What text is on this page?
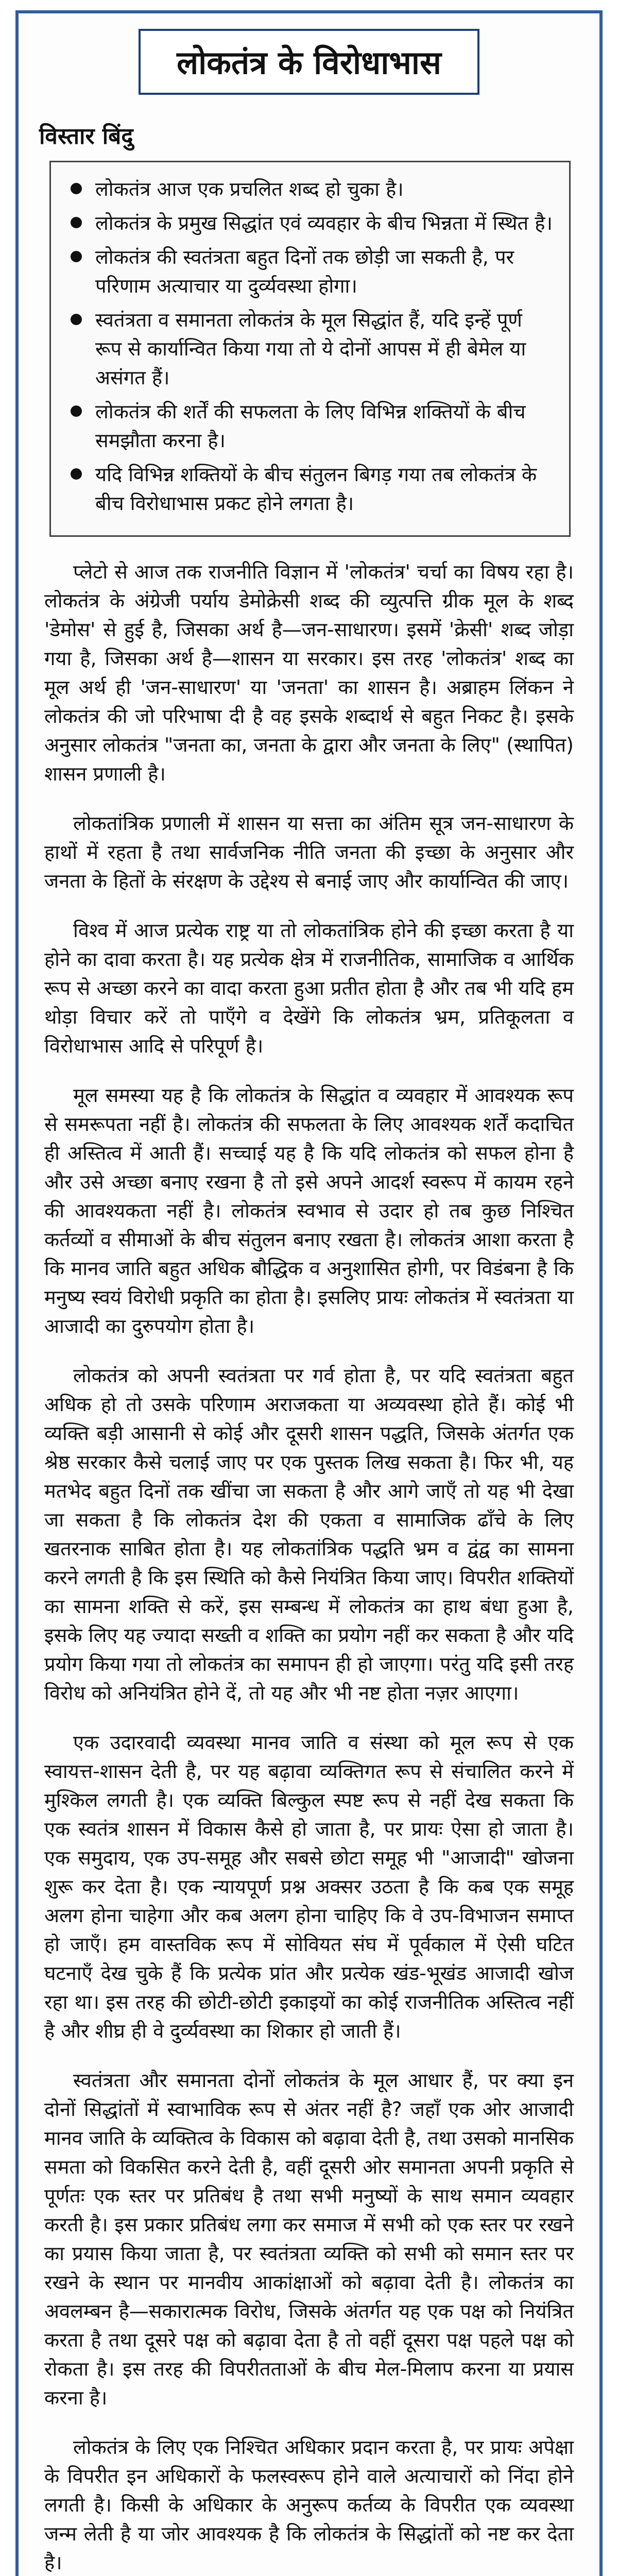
लोकतंत्र के विरोधाभास
विस्तार बिंदु
लोकतंत्र आज एक प्रचलित शब्द हो चुका है।
लोकतंत्र के प्रमुख सिद्धांत एवं व्यवहार के बीच भिन्नता में स्थित है।
लोकतंत्र की स्वतंत्रता बहुत दिनों तक छोड़ी जा सकती है, पर परिणाम अत्याचार या दुर्व्यवस्था होगा।
स्वतंत्रता व समानता लोकतंत्र के मूल सिद्धांत हैं, यदि इन्हें पूर्ण रूप से कार्यान्वित किया गया तो ये दोनों आपस में ही बेमेल या असंगत हैं।
लोकतंत्र की शर्तें की सफलता के लिए विभिन्न शक्तियों के बीच समझौता करना है।
यदि विभिन्न शक्तियों के बीच संतुलन बिगड़ गया तब लोकतंत्र के बीच विरोधाभास प्रकट होने लगता है।

प्लेटो से आज तक राजनीति विज्ञान में 'लोकतंत्र' चर्चा का विषय रहा है। लोकतंत्र के अंग्रेजी पर्याय डेमोक्रेसी शब्द की व्युत्पत्ति ग्रीक मूल के शब्द 'डेमोस' से हुई है, जिसका अर्थ है—जन-साधारण। इसमें 'क्रेसी' शब्द जोड़ा गया है, जिसका अर्थ है—शासन या सरकार। इस तरह 'लोकतंत्र' शब्द का मूल अर्थ ही 'जन-साधारण' या 'जनता' का शासन है। अब्राहम लिंकन ने लोकतंत्र की जो परिभाषा दी है वह इसके शब्दार्थ से बहुत निकट है। इसके अनुसार लोकतंत्र "जनता का, जनता के द्वारा और जनता के लिए" (स्थापित) शासन प्रणाली है।

लोकतांत्रिक प्रणाली में शासन या सत्ता का अंतिम सूत्र जन-साधारण के हाथों में रहता है तथा सार्वजनिक नीति जनता की इच्छा के अनुसार और जनता के हितों के संरक्षण के उद्देश्य से बनाई जाए और कार्यान्वित की जाए।

विश्व में आज प्रत्येक राष्ट्र या तो लोकतांत्रिक होने की इच्छा करता है या होने का दावा करता है। यह प्रत्येक क्षेत्र में राजनीतिक, सामाजिक व आर्थिक रूप से अच्छा करने का वादा करता हुआ प्रतीत होता है और तब भी यदि हम थोड़ा विचार करें तो पाएँगे व देखेंगे कि लोकतंत्र भ्रम, प्रतिकूलता व विरोधाभास आदि से परिपूर्ण है।

मूल समस्या यह है कि लोकतंत्र के सिद्धांत व व्यवहार में आवश्यक रूप से समरूपता नहीं है। लोकतंत्र की सफलता के लिए आवश्यक शर्तें कदाचित ही अस्तित्व में आती हैं। सच्चाई यह है कि यदि लोकतंत्र को सफल होना है और उसे अच्छा बनाए रखना है तो इसे अपने आदर्श स्वरूप में कायम रहने की आवश्यकता नहीं है। लोकतंत्र स्वभाव से उदार हो तब कुछ निश्चित कर्तव्यों व सीमाओं के बीच संतुलन बनाए रखता है। लोकतंत्र आशा करता है कि मानव जाति बहुत अधिक बौद्धिक व अनुशासित होगी, पर विडंबना है कि मनुष्य स्वयं विरोधी प्रकृति का होता है। इसलिए प्रायः लोकतंत्र में स्वतंत्रता या आजादी का दुरुपयोग होता है।

लोकतंत्र को अपनी स्वतंत्रता पर गर्व होता है, पर यदि स्वतंत्रता बहुत अधिक हो तो उसके परिणाम अराजकता या अव्यवस्था होते हैं। कोई भी व्यक्ति बड़ी आसानी से कोई और दूसरी शासन पद्धति, जिसके अंतर्गत एक श्रेष्ठ सरकार कैसे चलाई जाए पर एक पुस्तक लिख सकता है। फिर भी, यह मतभेद बहुत दिनों तक खींचा जा सकता है और आगे जाएँ तो यह भी देखा जा सकता है कि लोकतंत्र देश की एकता व सामाजिक ढाँचे के लिए खतरनाक साबित होता है। यह लोकतांत्रिक पद्धति भ्रम व द्वंद्व का सामना करने लगती है कि इस स्थिति को कैसे नियंत्रित किया जाए। विपरीत शक्तियों का सामना शक्ति से करें, इस सम्बन्ध में लोकतंत्र का हाथ बंधा हुआ है, इसके लिए यह ज्यादा सख्ती व शक्ति का प्रयोग नहीं कर सकता है और यदि प्रयोग किया गया तो लोकतंत्र का समापन ही हो जाएगा। परंतु यदि इसी तरह विरोध को अनियंत्रित होने दें, तो यह और भी नष्ट होता नज़र आएगा।

एक उदारवादी व्यवस्था मानव जाति व संस्था को मूल रूप से एक स्वायत्त-शासन देती है, पर यह बढ़ावा व्यक्तिगत रूप से संचालित करने में मुश्किल लगती है। एक व्यक्ति बिल्कुल स्पष्ट रूप से नहीं देख सकता कि एक स्वतंत्र शासन में विकास कैसे हो जाता है, पर प्रायः ऐसा हो जाता है। एक समुदाय, एक उप-समूह और सबसे छोटा समूह भी "आजादी" खोजना शुरू कर देता है। एक न्यायपूर्ण प्रश्न अक्सर उठता है कि कब एक समूह अलग होना चाहेगा और कब अलग होना चाहिए कि वे उप-विभाजन समाप्त हो जाएँ। हम वास्तविक रूप में सोवियत संघ में पूर्वकाल में ऐसी घटित घटनाएँ देख चुके हैं कि प्रत्येक प्रांत और प्रत्येक खंड-भूखंड आजादी खोज रहा था। इस तरह की छोटी-छोटी इकाइयों का कोई राजनीतिक अस्तित्व नहीं है और शीघ्र ही वे दुर्व्यवस्था का शिकार हो जाती हैं।

स्वतंत्रता और समानता दोनों लोकतंत्र के मूल आधार हैं, पर क्या इन दोनों सिद्धांतों में स्वाभाविक रूप से अंतर नहीं है? जहाँ एक ओर आजादी मानव जाति के व्यक्तित्व के विकास को बढ़ावा देती है, तथा उसको मानसिक समता को विकसित करने देती है, वहीं दूसरी ओर समानता अपनी प्रकृति से पूर्णतः एक स्तर पर प्रतिबंध है तथा सभी मनुष्यों के साथ समान व्यवहार करती है। इस प्रकार प्रतिबंध लगा कर समाज में सभी को एक स्तर पर रखने का प्रयास किया जाता है, पर स्वतंत्रता व्यक्ति को सभी को समान स्तर पर रखने के स्थान पर मानवीय आकांक्षाओं को बढ़ावा देती है। लोकतंत्र का अवलम्बन है—सकारात्मक विरोध, जिसके अंतर्गत यह एक पक्ष को नियंत्रित करता है तथा दूसरे पक्ष को बढ़ावा देता है तो वहीं दूसरा पक्ष पहले पक्ष को रोकता है। इस तरह की विपरीतताओं के बीच मेल-मिलाप करना या प्रयास करना है।

लोकतंत्र के लिए एक निश्चित अधिकार प्रदान करता है, पर प्रायः अपेक्षा के विपरीत इन अधिकारों के फलस्वरूप होने वाले अत्याचारों को निंदा होने लगती है। किसी के अधिकार के अनुरूप कर्तव्य के विपरीत एक व्यवस्था जन्म लेती है या जोर आवश्यक है कि लोकतंत्र के सिद्धांतों को नष्ट कर देता है।
